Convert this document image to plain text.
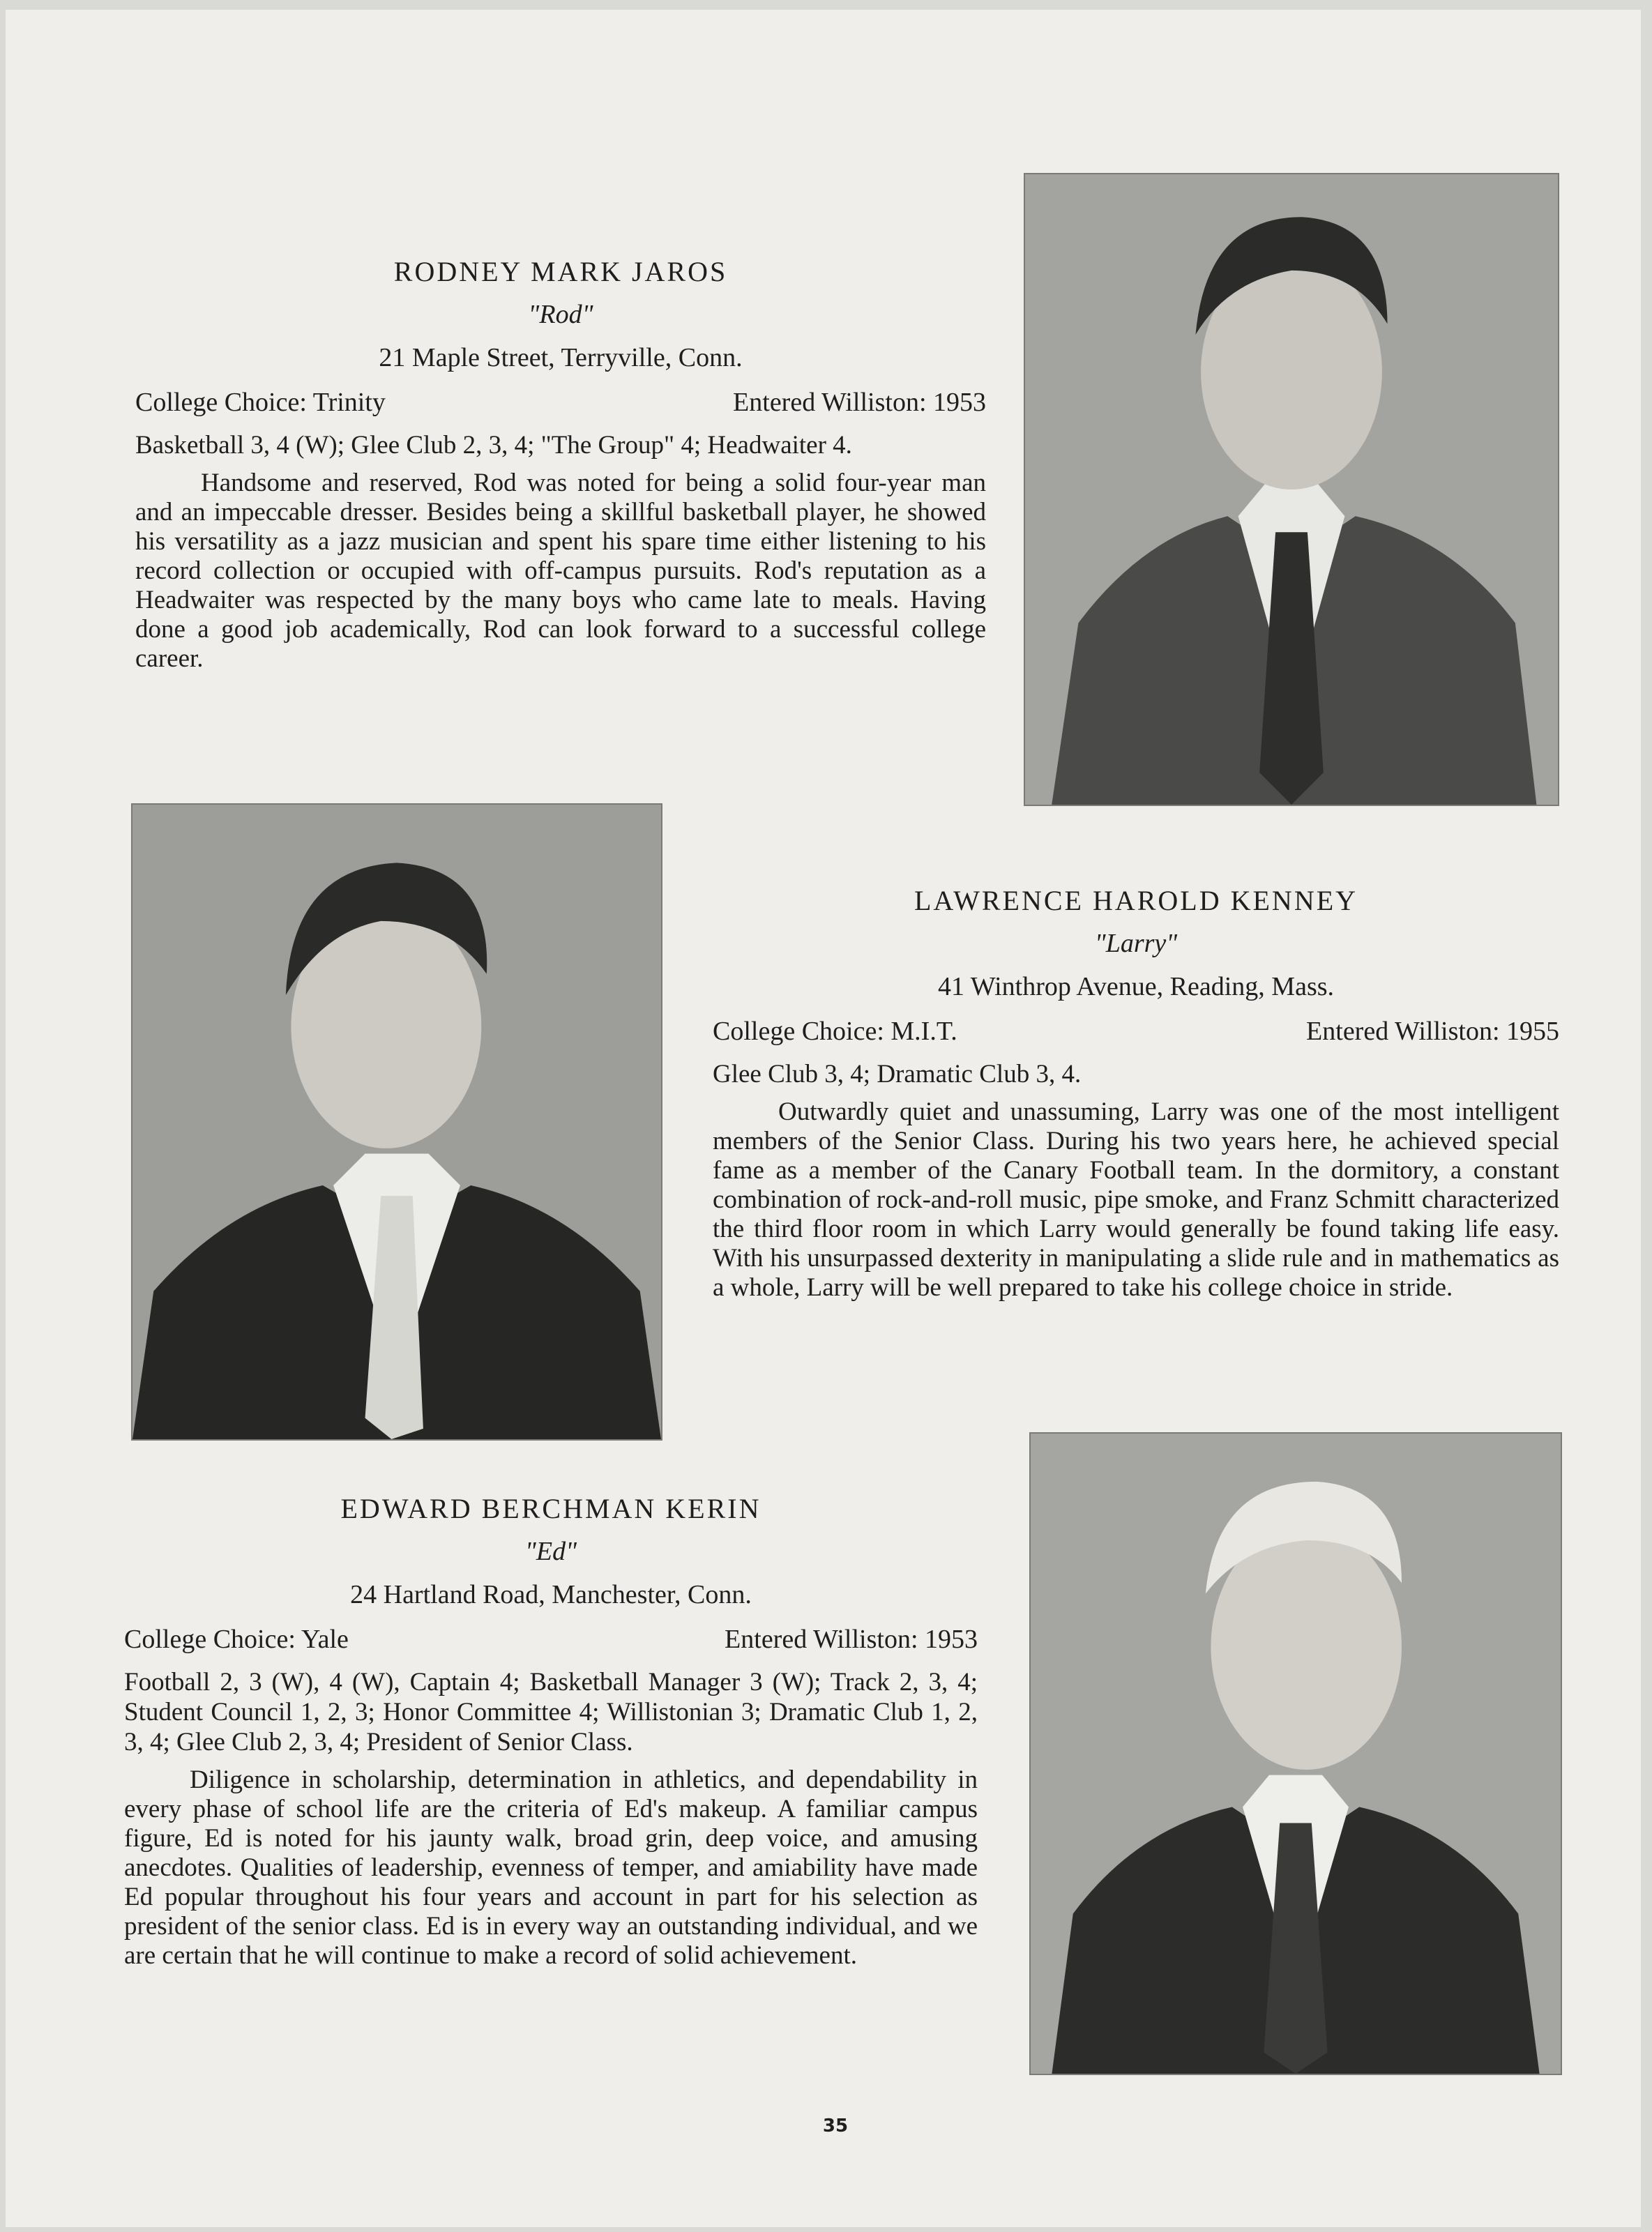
RODNEY MARK JAROS
"Rod"
21 Maple Street, Terryville, Conn.
College Choice: Trinity	Entered Williston: 1953
Basketball 3, 4 (W); Glee Club 2, 3, 4; "The Group" 4; Headwaiter 4.
Handsome and reserved, Rod was noted for being a solid four-year man and an impeccable dresser. Besides being a skillful basketball player, he showed his versatility as a jazz musician and spent his spare time either listening to his record collection or occupied with off-campus pursuits. Rod's reputation as a Headwaiter was respected by the many boys who came late to meals. Having done a good job academically, Rod can look forward to a successful college career.
LAWRENCE HAROLD KENNEY
"Larry"
41 Winthrop Avenue, Reading, Mass.
College Choice: M.I.T.	Entered Williston: 1955
Glee Club 3, 4; Dramatic Club 3, 4.
Outwardly quiet and unassuming, Larry was one of the most intelligent members of the Senior Class. During his two years here, he achieved special fame as a member of the Canary Football team. In the dormitory, a constant combination of rock-and-roll music, pipe smoke, and Franz Schmitt characterized the third floor room in which Larry would generally be found taking life easy. With his unsurpassed dexterity in manipulating a slide rule and in mathematics as a whole, Larry will be well prepared to take his college choice in stride.
EDWARD BERCHMAN KERIN
"Ed"
24 Hartland Road, Manchester, Conn.
College Choice: Yale	Entered Williston: 1953
Football 2, 3 (W), 4 (W), Captain 4; Basketball Manager 3 (W); Track 2, 3, 4; Student Council 1, 2, 3; Honor Committee 4; Willistonian 3; Dramatic Club 1, 2, 3, 4; Glee Club 2, 3, 4; President of Senior Class.
Diligence in scholarship, determination in athletics, and dependability in every phase of school life are the criteria of Ed's makeup. A familiar campus figure, Ed is noted for his jaunty walk, broad grin, deep voice, and amusing anecdotes. Qualities of leadership, evenness of temper, and amiability have made Ed popular throughout his four years and account in part for his selection as president of the senior class. Ed is in every way an outstanding individual, and we are certain that he will continue to make a record of solid achievement.
35
